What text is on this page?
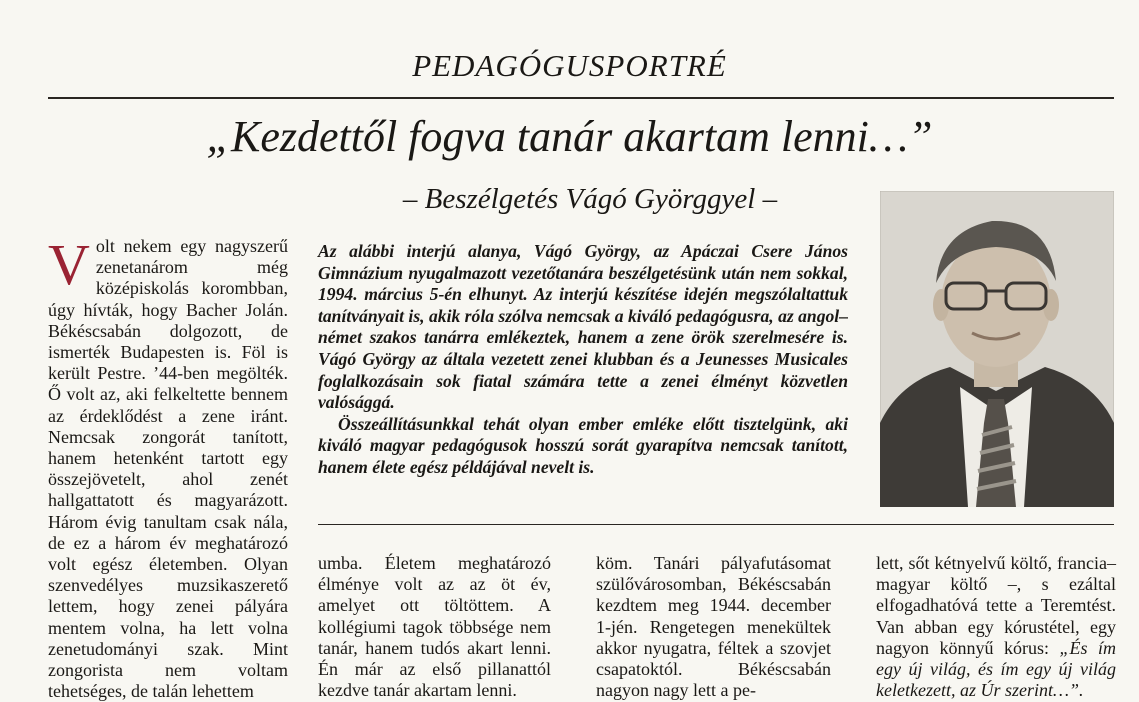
PEDAGÓGUSPORTRÉ
„Kezdettől fogva tanár akartam lenni…”
– Beszélgetés Vágó Györggyel –
Volt nekem egy nagyszerű zenetanárom még középiskolás korombban, úgy hívták, hogy Bacher Jolán. Békéscsabán dolgozott, de ismerték Budapesten is. Föl is került Pestre. ’44-ben megölték. Ő volt az, aki felkeltette bennem az érdeklődést a zene iránt. Nemcsak zongorát tanított, hanem hetenként tartott egy összejövetelt, ahol zenét hallgattatott és magyarázott. Három évig tanultam csak nála, de ez a három év meghatározó volt egész életemben. Olyan szenvedélyes muzsikaszerető lettem, hogy zenei pályára mentem volna, ha lett volna zenetudományi szak. Mint zongorista nem voltam tehetséges, de talán lehettem

Az alábbi interjú alanya, Vágó György, az Apáczai Csere János Gimnázium nyugalmazott vezetőtanára beszélgetésünk után nem sokkal, 1994. március 5-én elhunyt. Az interjú készítése idején megszólaltattuk tanítványait is, akik róla szólva nemcsak a kiváló pedagógusra, az angol–német szakos tanárra emlékeztek, hanem a zene örök szerelmesére is. Vágó György az általa vezetett zenei klubban és a Jeunesses Musicales foglalkozásain sok fiatal számára tette a zenei élményt közvetlen valósággá.

Összeállításunkkal tehát olyan ember emléke előtt tisztelgünk, aki kiváló magyar pedagógusok hosszú sorát gyarapítva nemcsak tanított, hanem élete egész példájával nevelt is.

umba. Életem meghatározó élménye volt az az öt év, amelyet ott töltöttem. A kollégiumi tagok többsége nem tanár, hanem tudós akart lenni. Én már az első pillanattól kezdve tanár akartam lenni.
köm. Tanári pályafutásomat szülővárosomban, Békéscsabán kezdtem meg 1944. december 1-jén. Rengetegen menekültek akkor nyugatra, féltek a szovjet csapatoktól. Békéscsabán nagyon nagy lett a pe-
lett, sőt kétnyelvű költő, francia–magyar költő –, s ezáltal elfogadhatóvá tette a Teremtést. Van abban egy kórustétel, egy nagyon könnyű kórus: „És ím egy új világ, és ím egy új világ keletkezett, az Úr szerint…”.
